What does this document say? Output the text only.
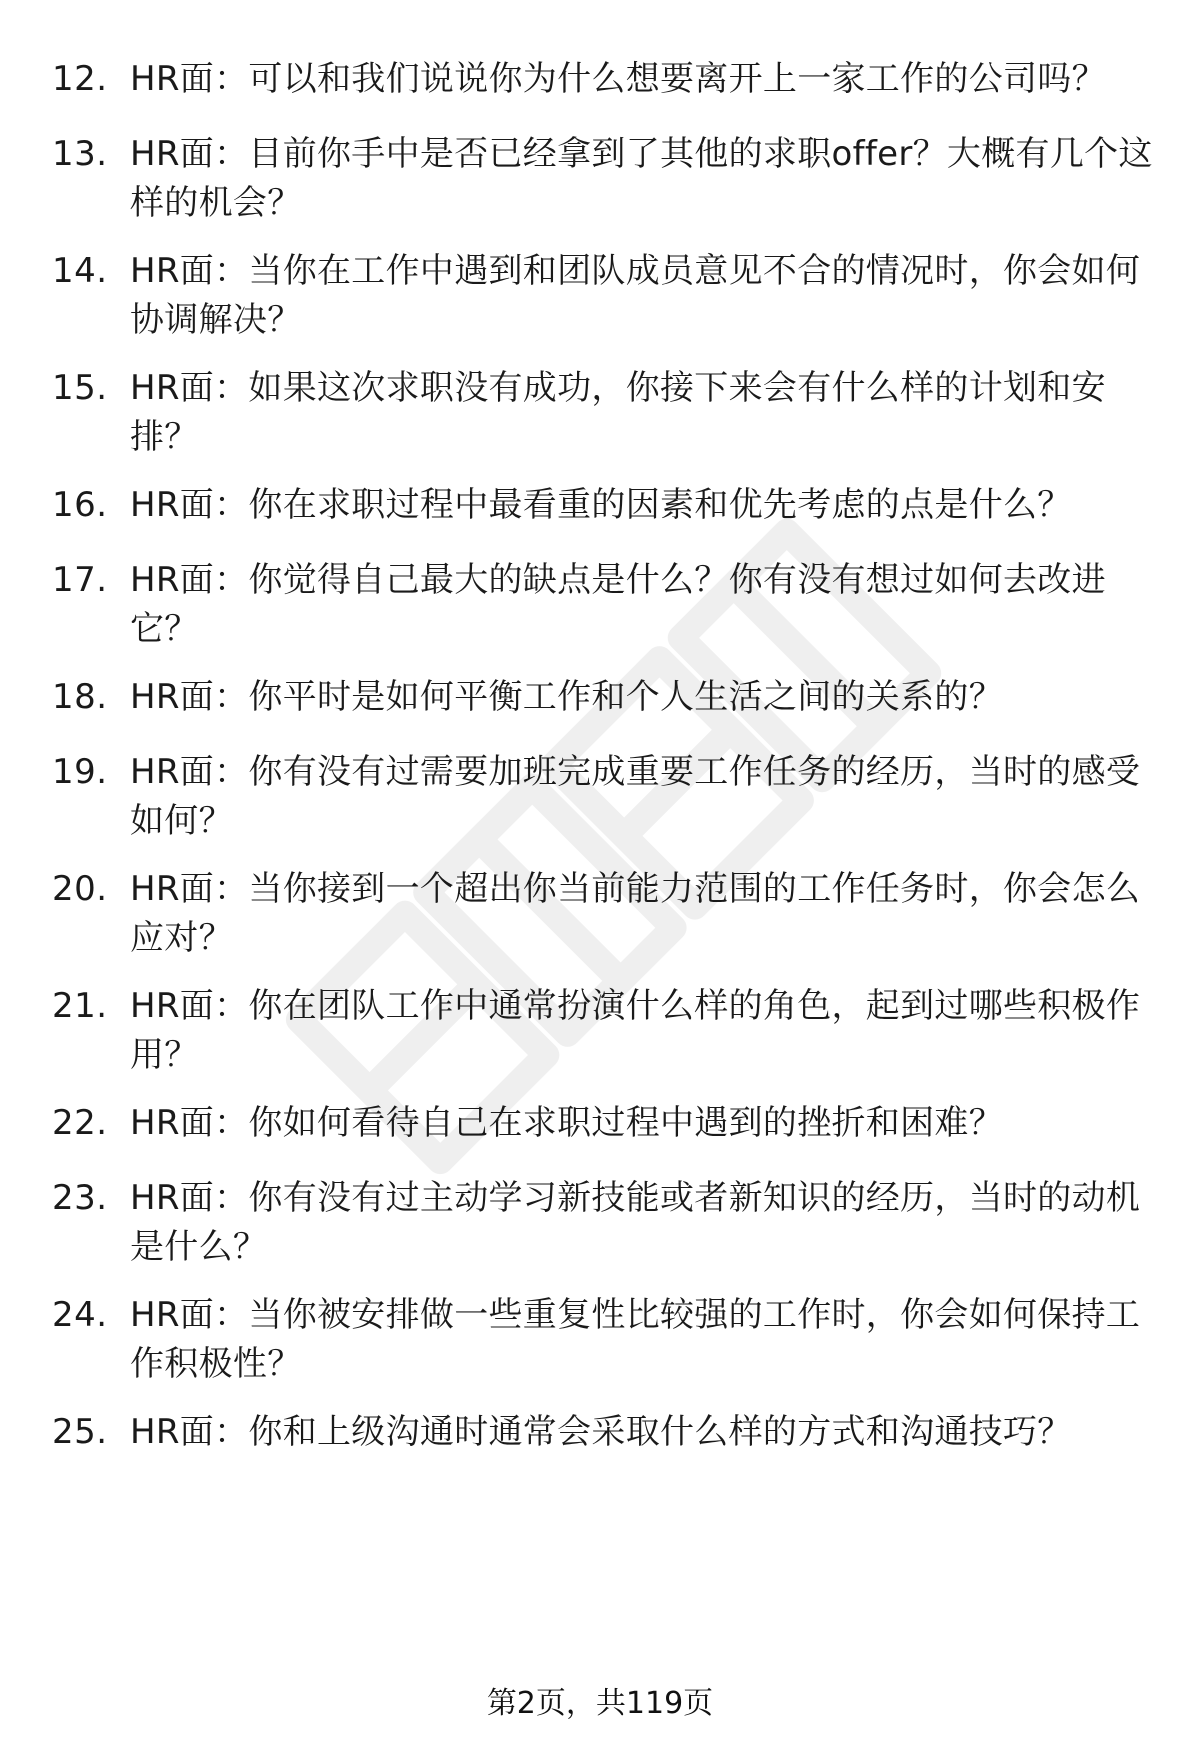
12. HR面：可以和我们说说你为什么想要离开上一家工作的公司吗？
13. HR面：目前你手中是否已经拿到了其他的求职offer？大概有几个这样的机会？
14. HR面：当你在工作中遇到和团队成员意见不合的情况时，你会如何协调解决？
15. HR面：如果这次求职没有成功，你接下来会有什么样的计划和安排？
16. HR面：你在求职过程中最看重的因素和优先考虑的点是什么？
17. HR面：你觉得自己最大的缺点是什么？你有没有想过如何去改进它？
18. HR面：你平时是如何平衡工作和个人生活之间的关系的？
19. HR面：你有没有过需要加班完成重要工作任务的经历，当时的感受如何？
20. HR面：当你接到一个超出你当前能力范围的工作任务时，你会怎么应对？
21. HR面：你在团队工作中通常扮演什么样的角色，起到过哪些积极作用？
22. HR面：你如何看待自己在求职过程中遇到的挫折和困难？
23. HR面：你有没有过主动学习新技能或者新知识的经历，当时的动机是什么？
24. HR面：当你被安排做一些重复性比较强的工作时，你会如何保持工作积极性？
25. HR面：你和上级沟通时通常会采取什么样的方式和沟通技巧？
第2页，共119页
